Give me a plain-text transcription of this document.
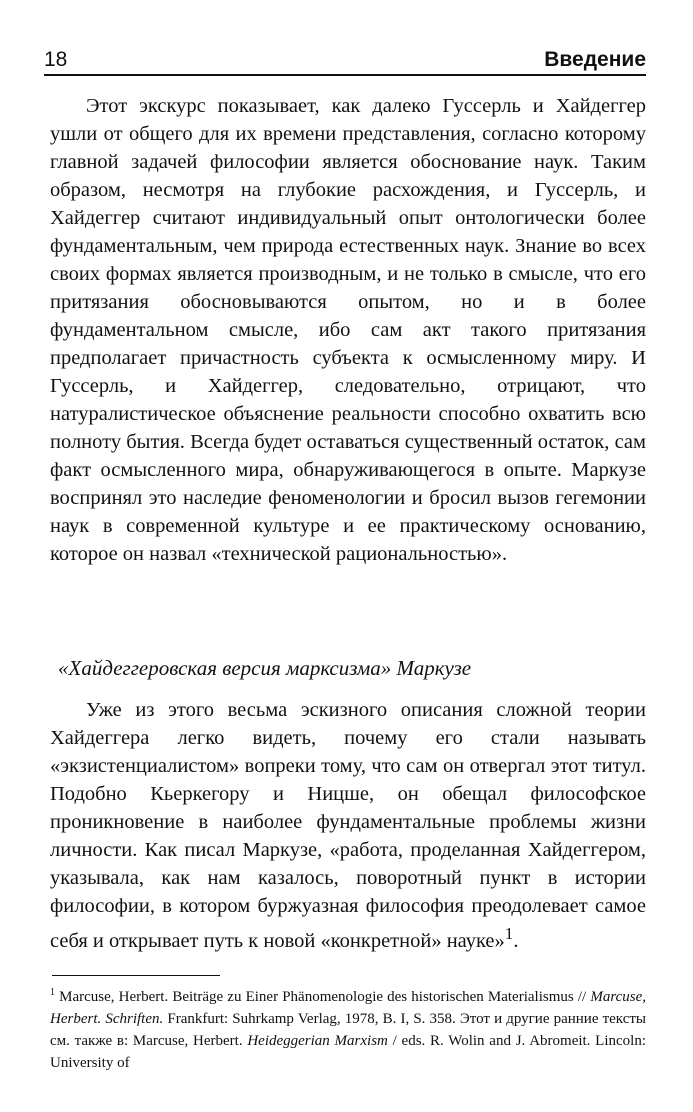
18	Введение

Этот экскурс показывает, как далеко Гуссерль и Хайдеггер ушли от общего для их времени представления, согласно которому главной задачей философии является обоснование наук. Таким образом, несмотря на глубокие расхождения, и Гуссерль, и Хайдеггер считают индивидуальный опыт онтологически более фундаментальным, чем природа естественных наук. Знание во всех своих формах является производным, и не только в смысле, что его притязания обосновываются опытом, но и в более фундаментальном смысле, ибо сам акт такого притязания предполагает причастность субъекта к осмысленному миру. И Гуссерль, и Хайдеггер, следовательно, отрицают, что натуралистическое объяснение реальности способно охватить всю полноту бытия. Всегда будет оставаться существенный остаток, сам факт осмысленного мира, обнаруживающегося в опыте. Маркузе воспринял это наследие феноменологии и бросил вызов гегемонии наук в современной культуре и ее практическому основанию, которое он назвал «технической рациональностью».

«Хайдеггеровская версия марксизма» Маркузе

Уже из этого весьма эскизного описания сложной теории Хайдеггера легко видеть, почему его стали называть «экзистенциалистом» вопреки тому, что сам он отвергал этот титул. Подобно Кьеркегору и Ницше, он обещал философское проникновение в наиболее фундаментальные проблемы жизни личности. Как писал Маркузе, «работа, проделанная Хайдеггером, указывала, как нам казалось, поворотный пункт в истории философии, в котором буржуазная философия преодолевает самое себя и открывает путь к новой «конкретной» науке»$^1$.

$^1$ Marcuse, Herbert. Beiträge zu Einer Phänomenologie des historischen Materialismus // Marcuse, Herbert. Schriften. Frankfurt: Suhrkamp Verlag, 1978, B. I, S. 358. Этот и другие ранние тексты см. также в: Marcuse, Herbert. Heideggerian Marxism / eds. R. Wolin and J. Abromeit. Lincoln: University of
